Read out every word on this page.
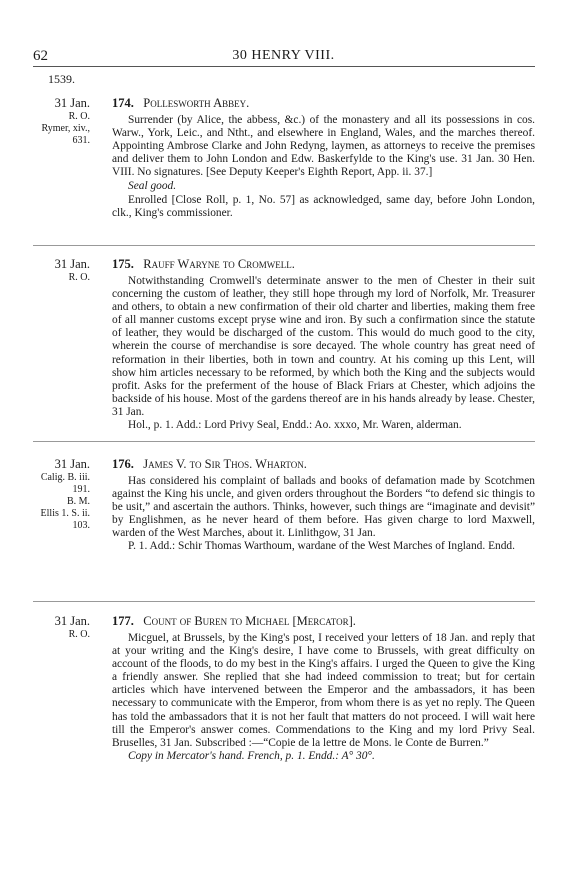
62	30 HENRY VIII.
1539.
31 Jan.
R. O.
Rymer, xiv.,
631.
174. Pollesworth Abbey.

Surrender (by Alice, the abbess, &c.) of the monastery and all its possessions in cos. Warw., York, Leic., and Ntht., and elsewhere in England, Wales, and the marches thereof. Appointing Ambrose Clarke and John Redyng, laymen, as attorneys to receive the premises and deliver them to John London and Edw. Baskerfylde to the King's use. 31 Jan. 30 Hen. VIII. No signatures. [See Deputy Keeper's Eighth Report, App. ii. 37.]

Seal good.

Enrolled [Close Roll, p. 1, No. 57] as acknowledged, same day, before John London, clk., King's commissioner.

31 Jan.
R. O.
175. Rauff Waryne to Cromwell.

Notwithstanding Cromwell's determinate answer to the men of Chester in their suit concerning the custom of leather, they still hope through my lord of Norfolk, Mr. Treasurer and others, to obtain a new confirmation of their old charter and liberties, making them free of all manner customs except pryse wine and iron. By such a confirmation since the statute of leather, they would be discharged of the custom. This would do much good to the city, wherein the course of merchandise is sore decayed. The whole country has great need of reformation in their liberties, both in town and country. At his coming up this Lent, will show him articles necessary to be reformed, by which both the King and the subjects would profit. Asks for the preferment of the house of Black Friars at Chester, which adjoins the backside of his house. Most of the gardens thereof are in his hands already by lease. Chester, 31 Jan.

Hol., p. 1. Add.: Lord Privy Seal, Endd.: Ao. xxxo, Mr. Waren, alderman.

31 Jan.
Calig. B. iii.
191.
B. M.
Ellis 1. S. ii.
103.
176. James V. to Sir Thos. Wharton.

Has considered his complaint of ballads and books of defamation made by Scotchmen against the King his uncle, and given orders throughout the Borders “to defend sic thingis to be usit,” and ascertain the authors. Thinks, however, such things are “imaginate and devisit” by Englishmen, as he never heard of them before. Has given charge to lord Maxwell, warden of the West Marches, about it. Linlithgow, 31 Jan.

P. 1. Add.: Schir Thomas Warthoum, wardane of the West Marches of Ingland. Endd.

31 Jan.
R. O.
177. Count of Buren to Michael [Mercator].

Micguel, at Brussels, by the King's post, I received your letters of 18 Jan. and reply that at your writing and the King's desire, I have come to Brussels, with great difficulty on account of the floods, to do my best in the King's affairs. I urged the Queen to give the King a friendly answer. She replied that she had indeed commission to treat; but for certain articles which have intervened between the Emperor and the ambassadors, it has been necessary to communicate with the Emperor, from whom there is as yet no reply. The Queen has told the ambassadors that it is not her fault that matters do not proceed. I will wait here till the Emperor's answer comes. Commendations to the King and my lord Privy Seal. Bruselles, 31 Jan. Subscribed :—“Copie de la lettre de Mons. le Conte de Burren.”

Copy in Mercator's hand. French, p. 1. Endd.: A° 30°.
